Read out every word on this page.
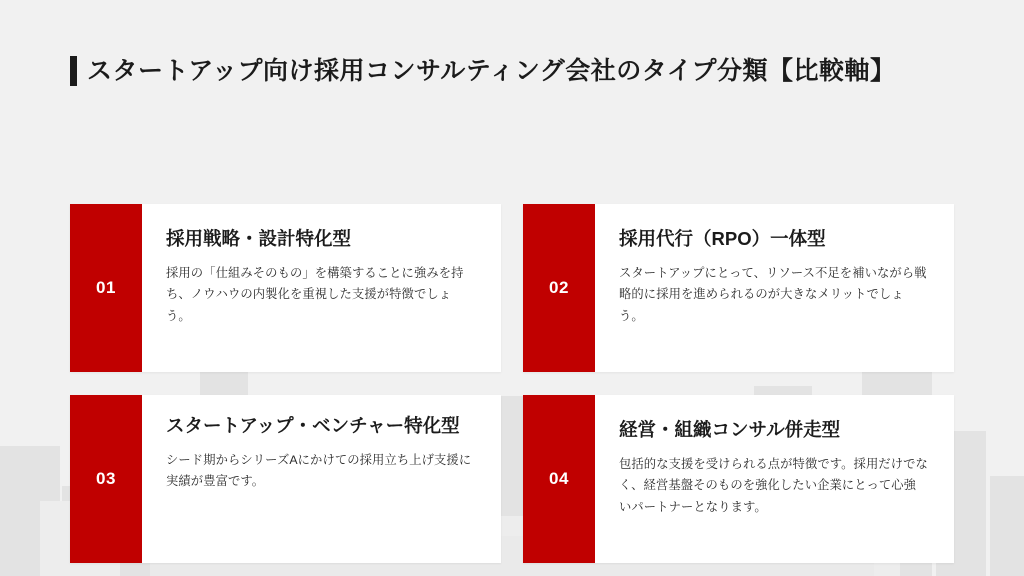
スタートアップ向け採用コンサルティング会社のタイプ分類【比較軸】
01
採用戦略・設計特化型
採用の「仕組みそのもの」を構築することに強みを持ち、ノウハウの内製化を重視した支援が特徴でしょう。
02
採用代行（RPO）一体型
スタートアップにとって、リソース不足を補いながら戦略的に採用を進められるのが大きなメリットでしょう。
03
スタートアップ・ベンチャー特化型
シード期からシリーズAにかけての採用立ち上げ支援に実績が豊富です。	04
経営・組織コンサル併走型
包括的な支援を受けられる点が特徴です。採用だけでなく、経営基盤そのものを強化したい企業にとって心強いパートナーとなります。
